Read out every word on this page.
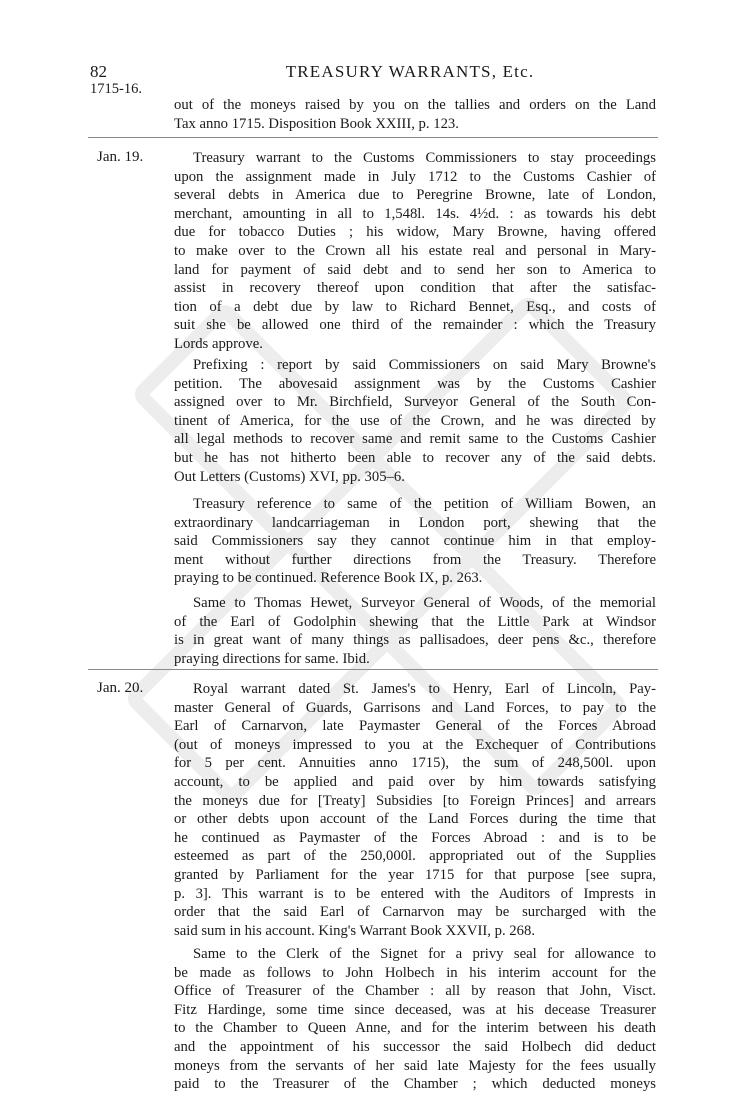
82	TREASURY WARRANTS, Etc.
1715-16.
out of the moneys raised by you on the tallies and orders on the Land
Tax anno 1715. Disposition Book XXIII, p. 123.
Jan. 19.	Treasury warrant to the Customs Commissioners to stay proceedings
upon the assignment made in July 1712 to the Customs Cashier of
several debts in America due to Peregrine Browne, late of London,
merchant, amounting in all to 1,548l. 14s. 4½d. : as towards his debt
due for tobacco Duties ; his widow, Mary Browne, having offered
to make over to the Crown all his estate real and personal in Mary-
land for payment of said debt and to send her son to America to
assist in recovery thereof upon condition that after the satisfac-
tion of a debt due by law to Richard Bennet, Esq., and costs of
suit she be allowed one third of the remainder : which the Treasury
Lords approve.
Prefixing : report by said Commissioners on said Mary Browne's
petition. The abovesaid assignment was by the Customs Cashier
assigned over to Mr. Birchfield, Surveyor General of the South Con-
tinent of America, for the use of the Crown, and he was directed by
all legal methods to recover same and remit same to the Customs Cashier
but he has not hitherto been able to recover any of the said debts.
Out Letters (Customs) XVI, pp. 305–6.
Treasury reference to same of the petition of William Bowen, an
extraordinary landcarriageman in London port, shewing that the
said Commissioners say they cannot continue him in that employ-
ment without further directions from the Treasury. Therefore
praying to be continued. Reference Book IX, p. 263.
Same to Thomas Hewet, Surveyor General of Woods, of the memorial
of the Earl of Godolphin shewing that the Little Park at Windsor
is in great want of many things as pallisadoes, deer pens &c., therefore
praying directions for same. Ibid.
Jan. 20.	Royal warrant dated St. James's to Henry, Earl of Lincoln, Pay-
master General of Guards, Garrisons and Land Forces, to pay to the
Earl of Carnarvon, late Paymaster General of the Forces Abroad
(out of moneys impressed to you at the Exchequer of Contributions
for 5 per cent. Annuities anno 1715), the sum of 248,500l. upon
account, to be applied and paid over by him towards satisfying
the moneys due for [Treaty] Subsidies [to Foreign Princes] and arrears
or other debts upon account of the Land Forces during the time that
he continued as Paymaster of the Forces Abroad : and is to be
esteemed as part of the 250,000l. appropriated out of the Supplies
granted by Parliament for the year 1715 for that purpose [see supra,
p. 3]. This warrant is to be entered with the Auditors of Imprests in
order that the said Earl of Carnarvon may be surcharged with the
said sum in his account. King's Warrant Book XXVII, p. 268.
Same to the Clerk of the Signet for a privy seal for allowance to
be made as follows to John Holbech in his interim account for the
Office of Treasurer of the Chamber : all by reason that John, Visct.
Fitz Hardinge, some time since deceased, was at his decease Treasurer
to the Chamber to Queen Anne, and for the interim between his death
and the appointment of his successor the said Holbech did deduct
moneys from the servants of her said late Majesty for the fees usually
paid to the Treasurer of the Chamber ; which deducted moneys
